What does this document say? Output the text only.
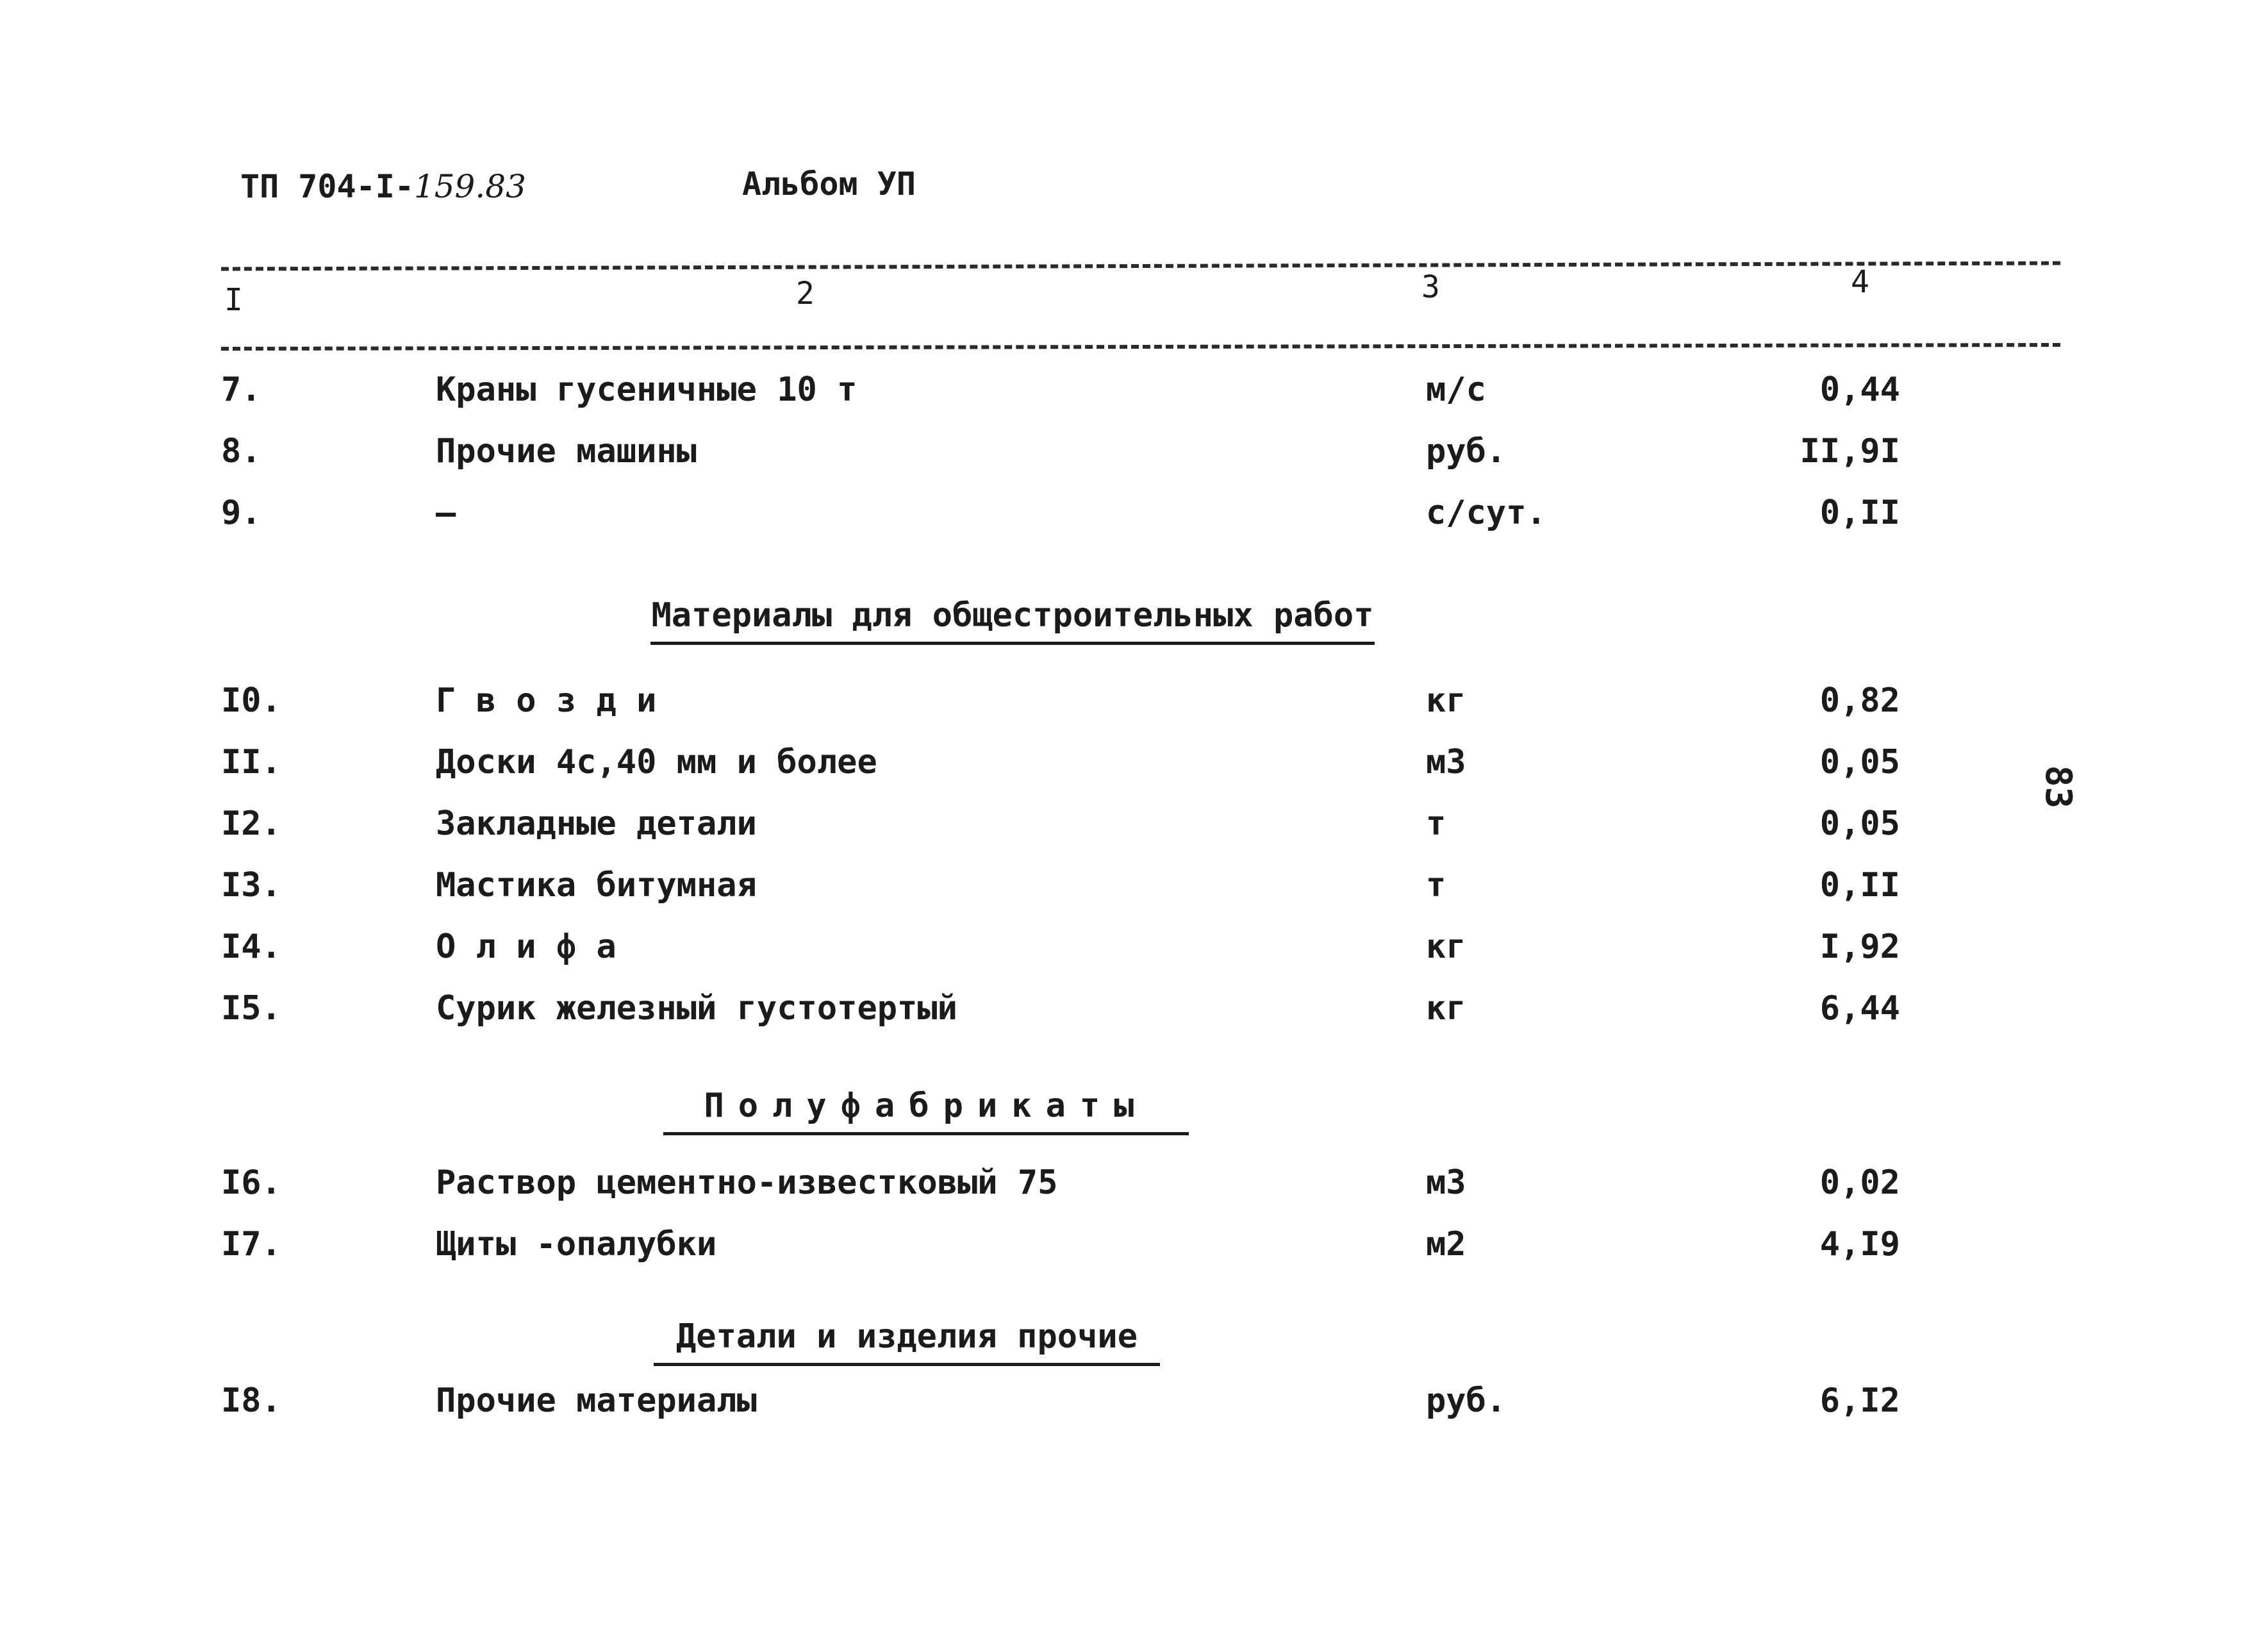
ТП 704-I-159.83	Альбом УП
I	2	3	4
7.	Краны гусеничные 10 т	м/с	0,44
8.	Прочие машины	руб.	II,9I
9.	–	с/сут.	0,II
Материалы для общестроительных работ
I0.	Г в о з д и	кг	0,82
II.	Доски 4с,40 мм и более	м3	0,05
I2.	Закладные детали	т	0,05
I3.	Мастика битумная	т	0,II
I4.	О л и ф а	кг	I,92
I5.	Сурик железный густотертый	кг	6,44
Полуфабрикаты
I6.	Раствор цементно-известковый 75	м3	0,02
I7.	Щиты -опалубки	м2	4,I9
Детали и изделия прочие
I8.	Прочие материалы	руб.	6,I2
83
